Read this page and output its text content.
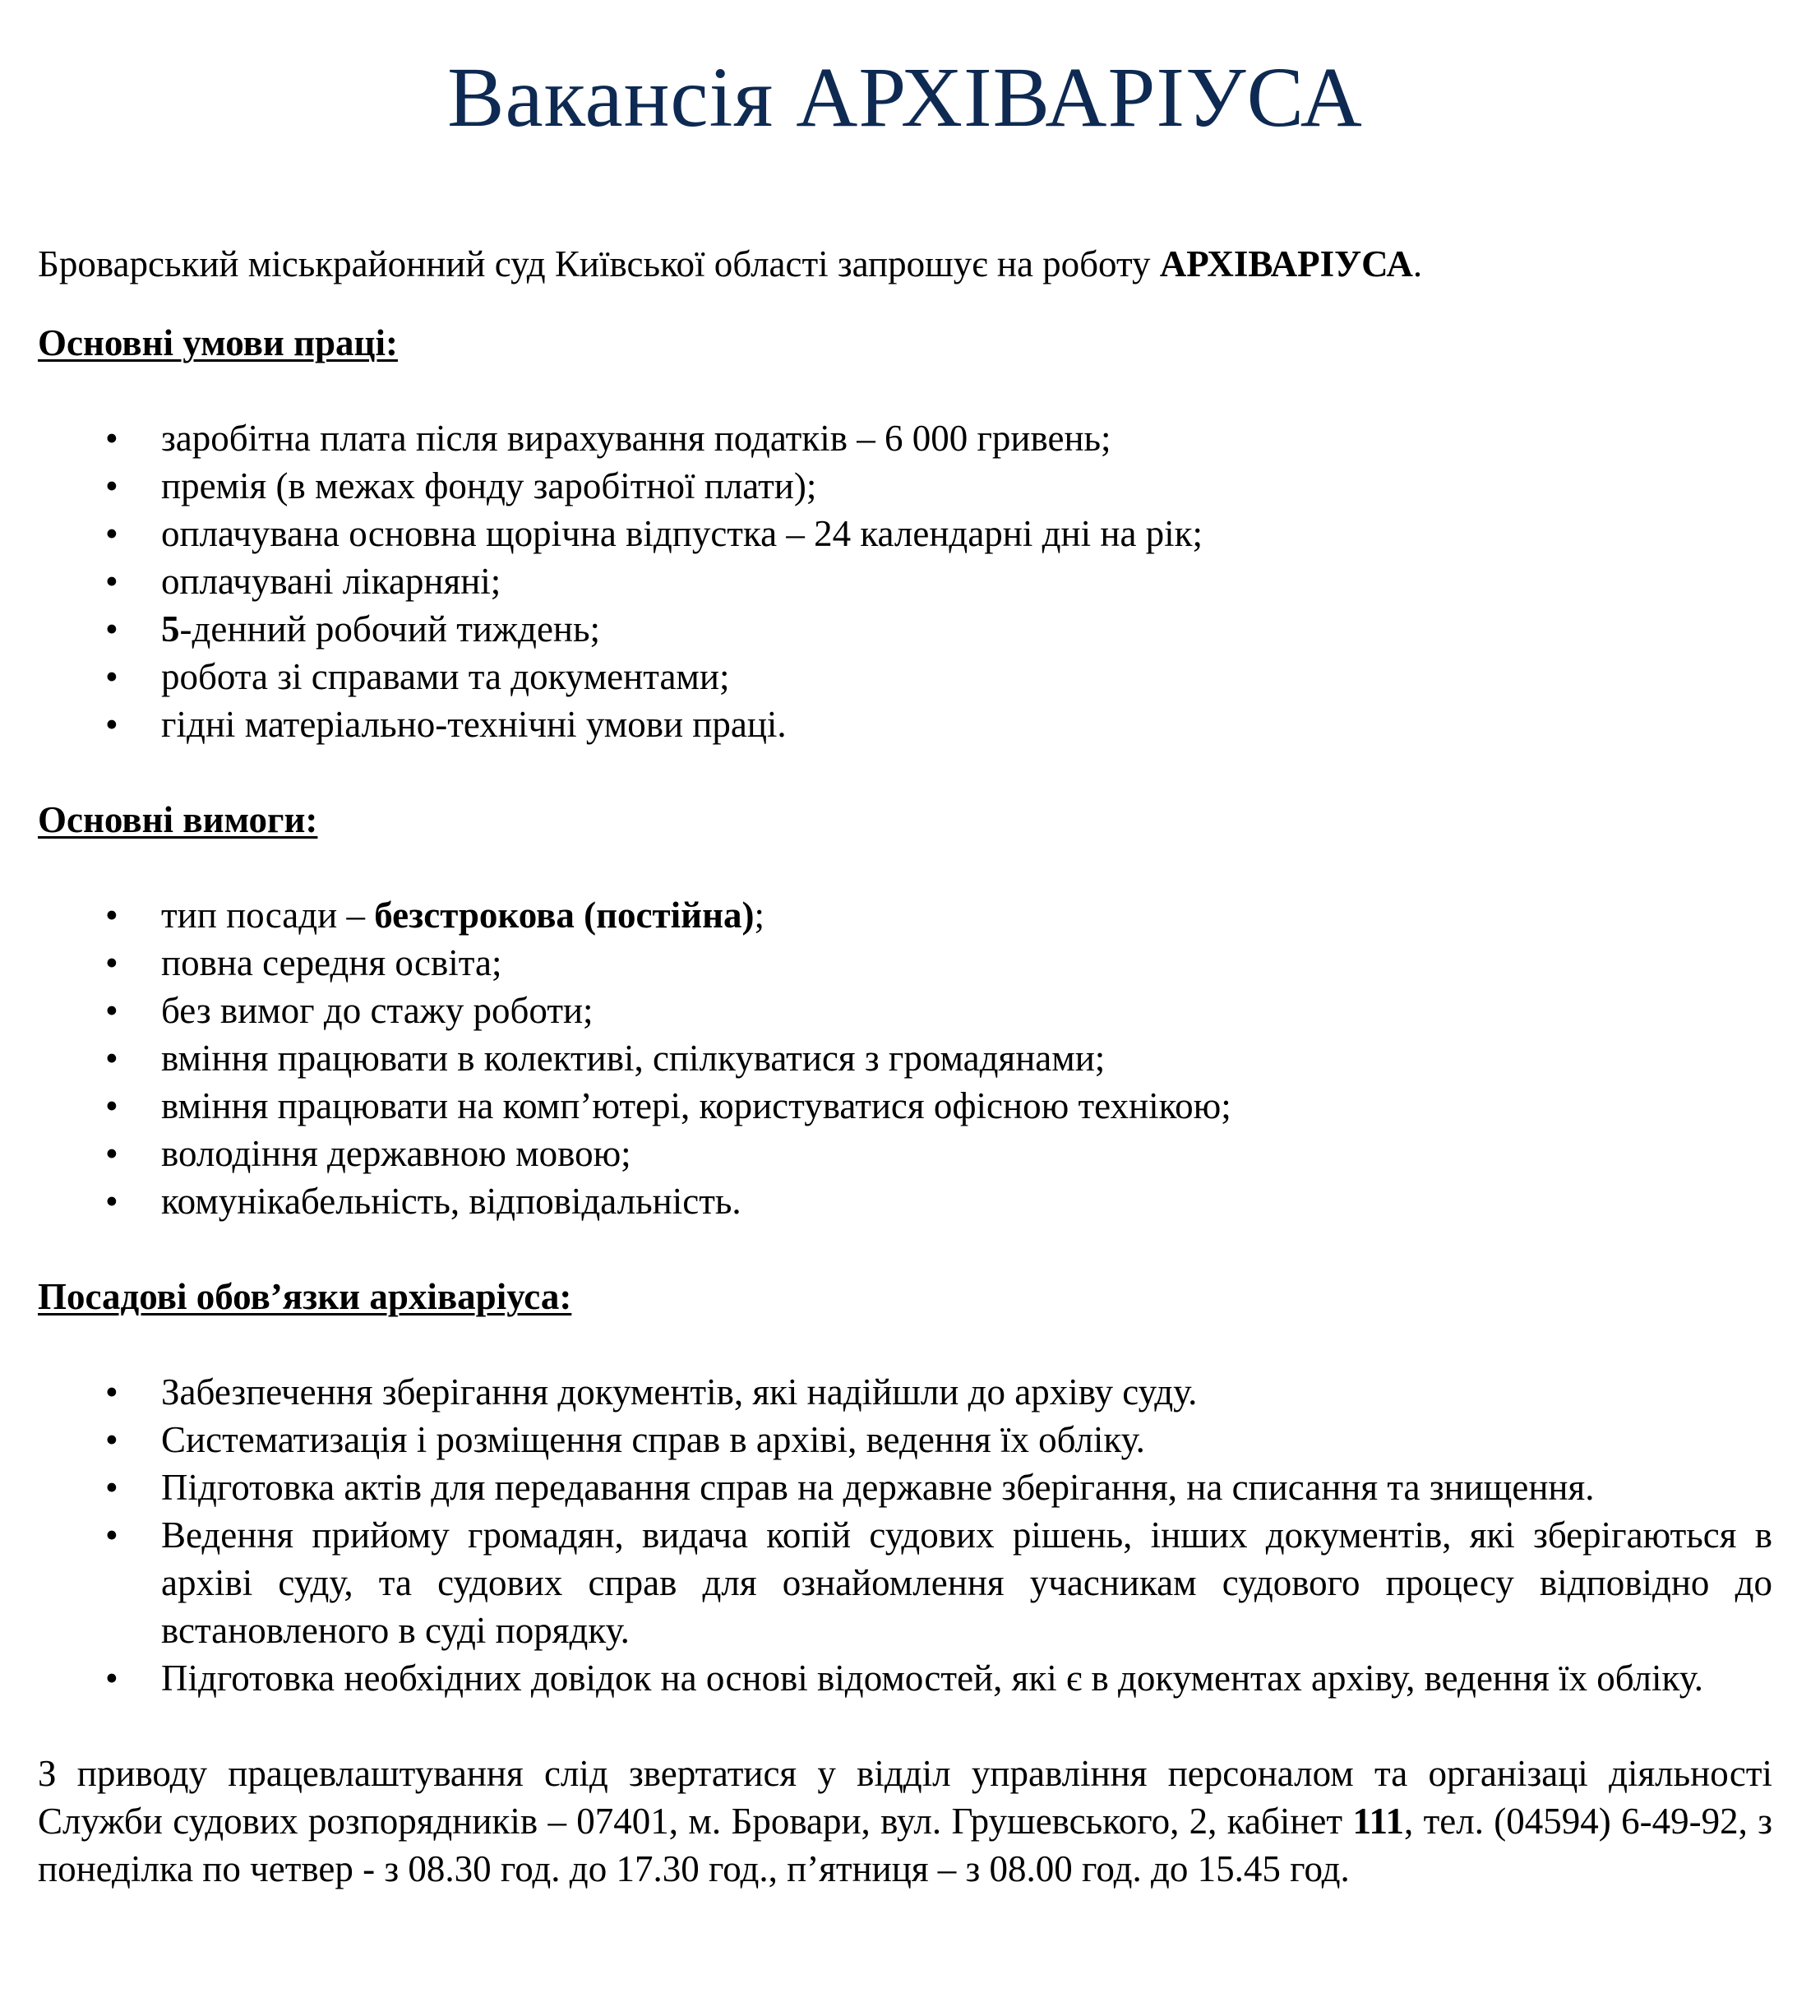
Вакансія АРХІВАРІУСА

Броварський міськрайонний суд Київської області запрошує на роботу АРХІВАРІУСА.

Основні умови праці:

• заробітна плата після вирахування податків – 6 000 гривень;
• премія (в межах фонду заробітної плати);
• оплачувана основна щорічна відпустка – 24 календарні дні на рік;
• оплачувані лікарняні;
• 5-денний робочий тиждень;
• робота зі справами та документами;
• гідні матеріально-технічні умови праці.

Основні вимоги:

• тип посади – безстрокова (постійна);
• повна середня освіта;
• без вимог до стажу роботи;
• вміння працювати в колективі, спілкуватися з громадянами;
• вміння працювати на комп’ютері, користуватися офісною технікою;
• володіння державною мовою;
• комунікабельність, відповідальність.

Посадові обов’язки архіваріуса:

• Забезпечення зберігання документів, які надійшли до архіву суду.
• Систематизація і розміщення справ в архіві, ведення їх обліку.
• Підготовка актів для передавання справ на державне зберігання, на списання та знищення.
• Ведення прийому громадян, видача копій судових рішень, інших документів, які зберігаються в архіві суду, та судових справ для ознайомлення учасникам судового процесу відповідно до встановленого в суді порядку.
• Підготовка необхідних довідок на основі відомостей, які є в документах архіву, ведення їх обліку.

З приводу працевлаштування слід звертатися у відділ управління персоналом та організаці діяльності Служби судових розпорядників – 07401, м. Бровари, вул. Грушевського, 2, кабінет 111, тел. (04594) 6-49-92, з понеділка по четвер - з 08.30 год. до 17.30 год., п’ятниця – з 08.00 год. до 15.45 год.
